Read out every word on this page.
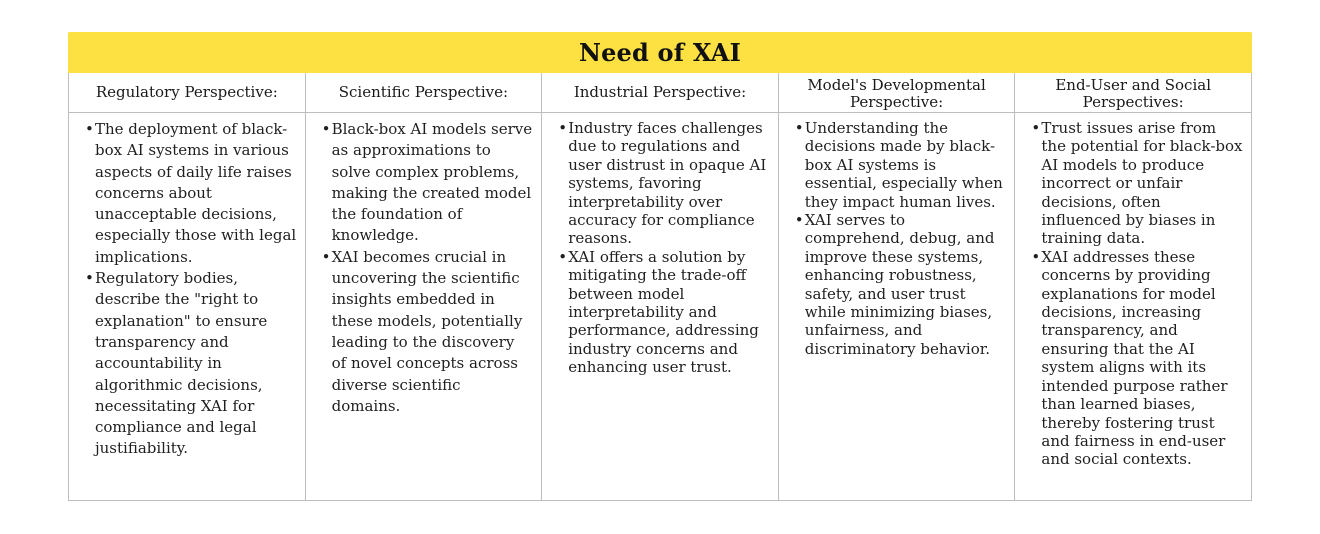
Need of XAI
Regulatory Perspective:
• The deployment of black-box AI systems in various aspects of daily life raises concerns about unacceptable decisions, especially those with legal implications.
• Regulatory bodies, describe the "right to explanation" to ensure transparency and accountability in algorithmic decisions, necessitating XAI for compliance and legal justifiability.
Scientific Perspective:
• Black-box AI models serve as approximations to solve complex problems, making the created model the foundation of knowledge.
• XAI becomes crucial in uncovering the scientific insights embedded in these models, potentially leading to the discovery of novel concepts across diverse scientific domains.
Industrial Perspective:
• Industry faces challenges due to regulations and user distrust in opaque AI systems, favoring interpretability over accuracy for compliance reasons.
• XAI offers a solution by mitigating the trade-off between model interpretability and performance, addressing industry concerns and enhancing user trust.
Model's Developmental Perspective:
• Understanding the decisions made by black-box AI systems is essential, especially when they impact human lives.
• XAI serves to comprehend, debug, and improve these systems, enhancing robustness, safety, and user trust while minimizing biases, unfairness, and discriminatory behavior.
End-User and Social Perspectives:
• Trust issues arise from the potential for black-box AI models to produce incorrect or unfair decisions, often influenced by biases in training data.
• XAI addresses these concerns by providing explanations for model decisions, increasing transparency, and ensuring that the AI system aligns with its intended purpose rather than learned biases, thereby fostering trust and fairness in end-user and social contexts.
